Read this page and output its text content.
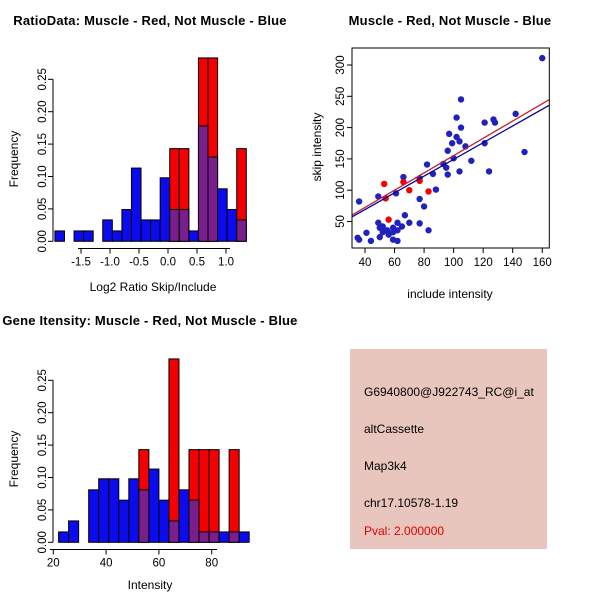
RatioData: Muscle - Red, Not Muscle - Blue	Muscle - Red, Not Muscle - Blue
Gene Itensity: Muscle - Red, Not Muscle - Blue
Frequency
Log2 Ratio Skip/Include
skip intensity
include intensity
Frequency
Intensity
0.00
0.05
0.10
0.15
0.20
0.25
-1.5 -1.0 -0.5 0.0 0.5 1.0	40 60 80 100 120 140 160
50
100
150
200
250
300
0.00
0.05
0.10
0.15
0.20
0.25
20	40	60	80
G6940800@J922743_RC@i_at
altCassette
Map3k4
chr17.10578-1.19
Pval: 2.000000
